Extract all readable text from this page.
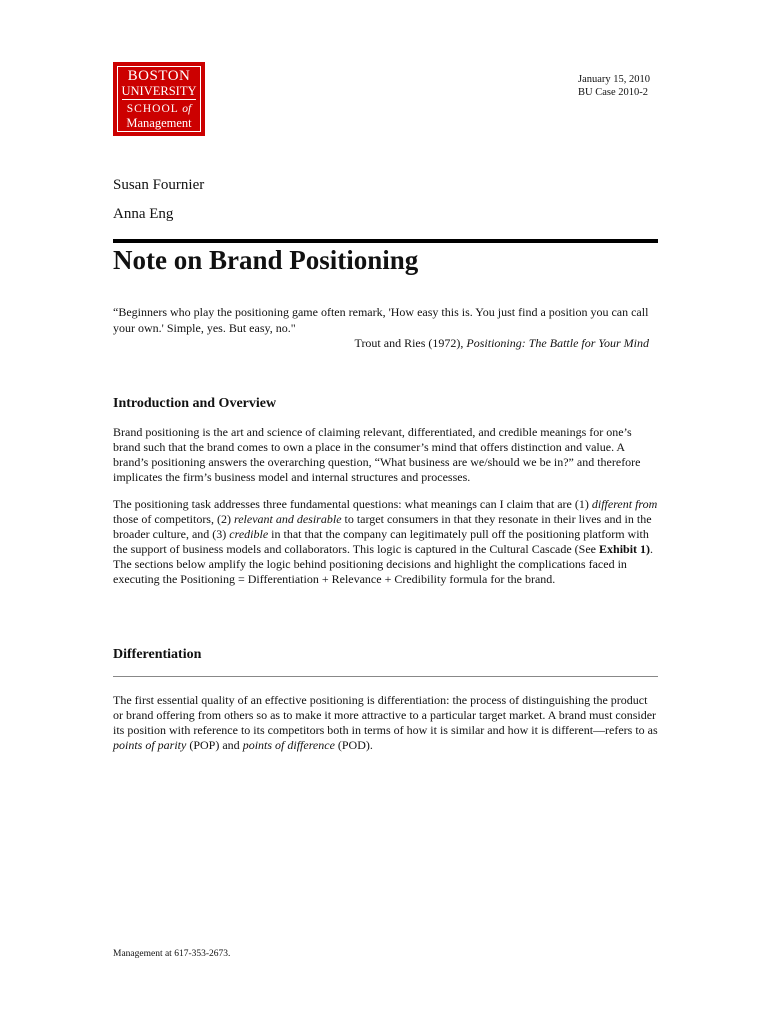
BOSTON
UNIVERSITY
SCHOOL of
Management
January 15, 2010
BU Case 2010-2
Susan Fournier
Anna Eng
Note on Brand Positioning
“Beginners who play the positioning game often remark, 'How easy this is. You just find a position you can call your own.' Simple, yes. But easy, no."
Trout and Ries (1972), Positioning: The Battle for Your Mind
Introduction and Overview

Brand positioning is the art and science of claiming relevant, differentiated, and credible meanings for one’s brand such that the brand comes to own a place in the consumer’s mind that offers distinction and value. A brand’s positioning answers the overarching question, “What business are we/should we be in?” and therefore implicates the firm’s business model and internal structures and processes.

The positioning task addresses three fundamental questions: what meanings can I claim that are (1) different from those of competitors, (2) relevant and desirable to target consumers in that they resonate in their lives and in the broader culture, and (3) credible in that that the company can legitimately pull off the positioning platform with the support of business models and collaborators. This logic is captured in the Cultural Cascade (See Exhibit 1). The sections below amplify the logic behind positioning decisions and highlight the complications faced in executing the Positioning = Differentiation + Relevance + Credibility formula for the brand.

Differentiation

The first essential quality of an effective positioning is differentiation: the process of distinguishing the product or brand offering from others so as to make it more attractive to a particular target market. A brand must consider its position with reference to its competitors both in terms of how it is similar and how it is different—refers to as points of parity (POP) and points of difference (POD).

Management at 617-353-2673.
